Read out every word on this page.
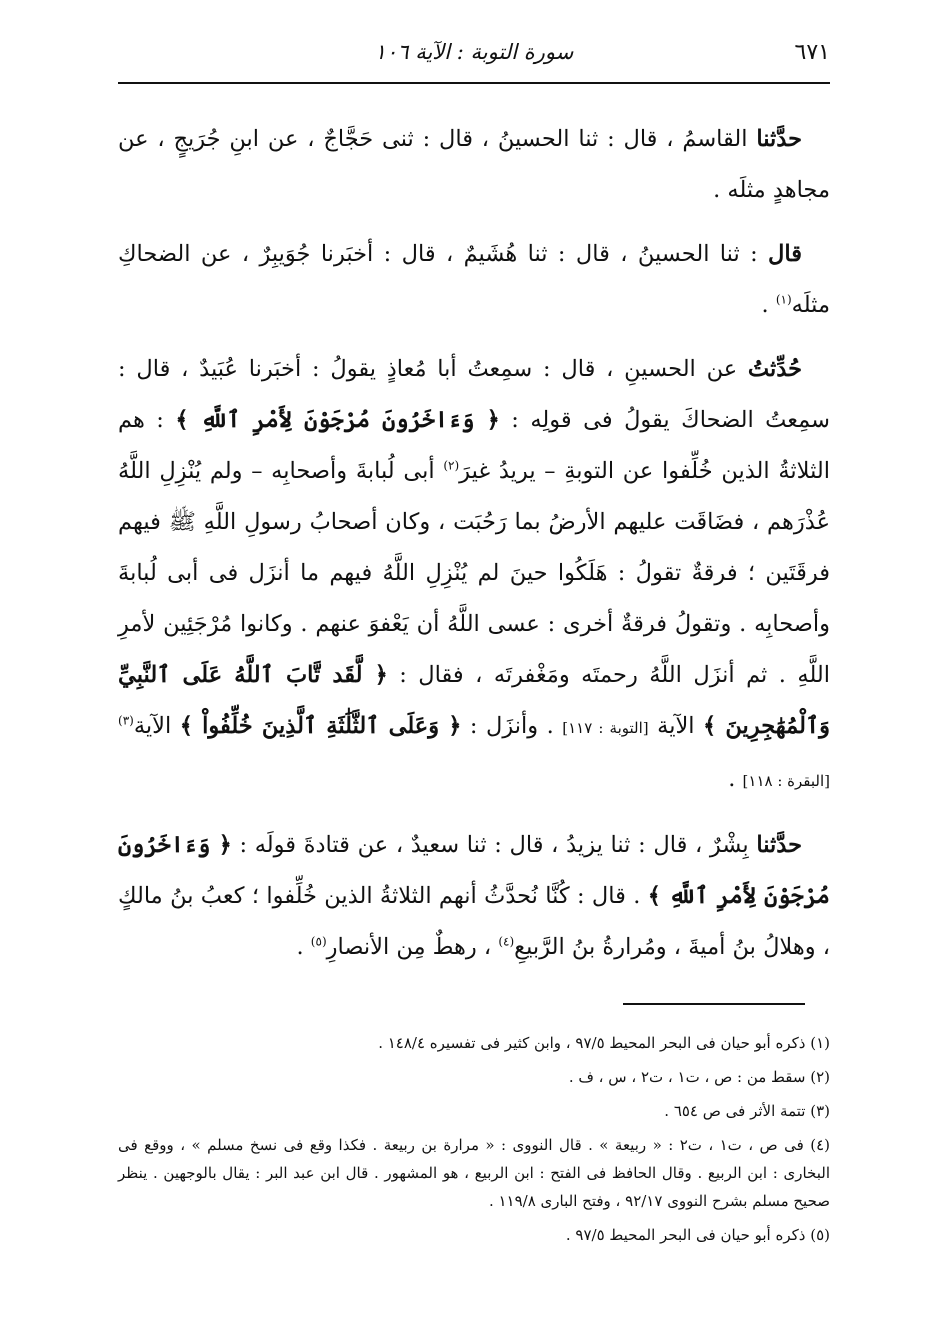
٦٧١
سورة التوبة : الآية ١٠٦

حدَّثنا القاسمُ ، قال : ثنا الحسينُ ، قال : ثنى حَجَّاجٌ ، عن ابنِ جُرَيجٍ ، عن مجاهدٍ مثلَه .

قال : ثنا الحسينُ ، قال : ثنا هُشَيمٌ ، قال : أخبَرنا جُوَيبِرٌ ، عن الضحاكِ مثلَه$^{(١)}$ .

حُدِّثتُ عن الحسينِ ، قال : سمِعتُ أبا مُعاذٍ يقولُ : أخبَرنا عُبَيدٌ ، قال : سمِعتُ الضحاكَ يقولُ فى قولِه : ﴿ وَءَاخَرُونَ مُرْجَوْنَ لِأَمْرِ ٱللَّهِ ﴾ : هم الثلاثةُ الذين خُلِّفوا عن التوبةِ – يريدُ غيرَ$^{(٢)}$ أبى لُبابةَ وأصحابِه – ولم يُنْزِلِ اللَّهُ عُذْرَهم ، فضَاقَت عليهم الأرضُ بما رَحُبَت ، وكان أصحابُ رسولِ اللَّهِ ﷺ فيهم فرقَتَين ؛ فرقةٌ تقولُ : هَلَكُوا حينَ لم يُنْزِلِ اللَّهُ فيهم ما أنزَل فى أبى لُبابةَ وأصحابِه . وتقولُ فرقةٌ أخرى : عسى اللَّهُ أن يَعْفوَ عنهم . وكانوا مُرْجَئِين لأمرِ اللَّهِ . ثم أنزَل اللَّهُ رحمتَه ومَغْفرتَه ، فقال : ﴿ لَّقَد تَّابَ ٱللَّهُ عَلَى ٱلنَّبِيِّ وَٱلْمُهَٰجِرِينَ ﴾ الآية [التوبة : ١١٧] . وأنزَل : ﴿ وَعَلَى ٱلثَّلَٰثَةِ ٱلَّذِينَ خُلِّفُواْ ﴾ الآية$^{(٣)}$ [البقرة : ١١٨] .

حدَّثنا بِشْرٌ ، قال : ثنا يزيدُ ، قال : ثنا سعيدٌ ، عن قتادةَ قولَه : ﴿ وَءَاخَرُونَ مُرْجَوْنَ لِأَمْرِ ٱللَّهِ ﴾ . قال : كُنَّا نُحدَّثُ أنهم الثلاثةُ الذين خُلِّفوا ؛ كعبُ بنُ مالكٍ ، وهلالُ بنُ أميةَ ، ومُرارةُ بنُ الرَّبيعِ$^{(٤)}$ ، رهطٌ مِن الأنصارِ$^{(٥)}$ .

(١) ذكره أبو حيان فى البحر المحيط ٩٧/٥ ، وابن كثير فى تفسيره ١٤٨/٤ .

(٢) سقط من : ص ، ت١ ، ت٢ ، س ، ف .

(٣) تتمة الأثر فى ص ٦٥٤ .

(٤) فى ص ، ت١ ، ت٢ : « ربيعة » . قال النووى : « مرارة بن ربيعة . فكذا وقع فى نسخ مسلم » ، ووقع فى البخارى : ابن الربيع . وقال الحافظ فى الفتح : ابن الربيع ، هو المشهور . قال ابن عبد البر : يقال بالوجهين . ينظر صحيح مسلم بشرح النووى ٩٢/١٧ ، وفتح البارى ١١٩/٨ .

(٥) ذكره أبو حيان فى البحر المحيط ٩٧/٥ .
